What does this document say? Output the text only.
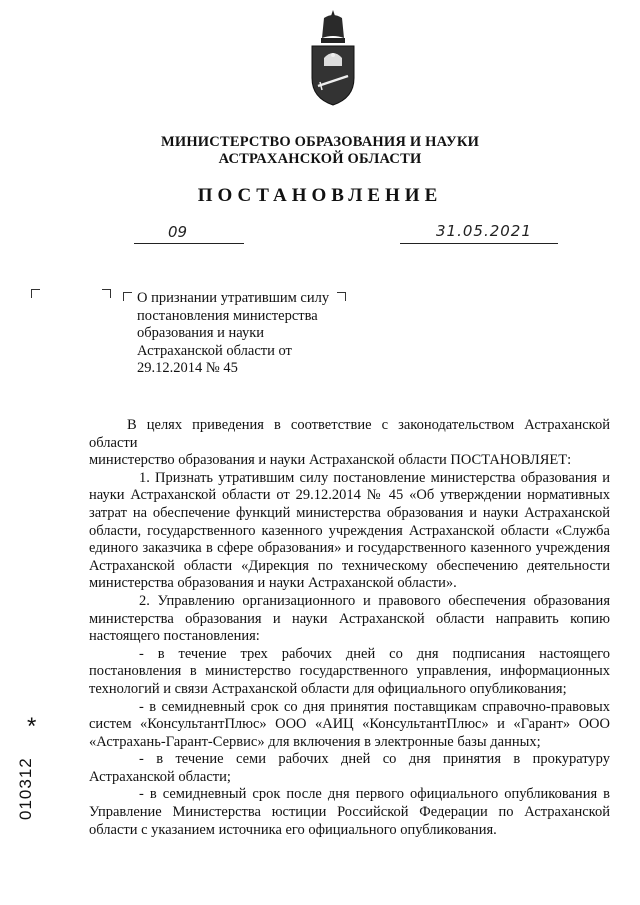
МИНИСТЕРСТВО ОБРАЗОВАНИЯ И НАУКИ
АСТРАХАНСКОЙ ОБЛАСТИ
ПОСТАНОВЛЕНИЕ
09	31.05.2021
О признании утратившим силу
постановления министерства
образования и науки
Астраханской области от
29.12.2014 № 45

В целях приведения в соответствие с законодательством Астраханской области

министерство образования и науки Астраханской области ПОСТАНОВЛЯЕТ:

1. Признать утратившим силу постановление министерства образования и науки Астраханской области от 29.12.2014 № 45 «Об утверждении нормативных затрат на обеспечение функций министерства образования и науки Астраханской области, государственного казенного учреждения Астраханской области «Служба единого заказчика в сфере образования» и государственного казенного учреждения Астраханской области «Дирекция по техническому обеспечению деятельности министерства образования и науки Астраханской области».

2. Управлению организационного и правового обеспечения образования министерства образования и науки Астраханской области направить копию настоящего постановления:

- в течение трех рабочих дней со дня подписания настоящего постановления в министерство государственного управления, информационных технологий и связи Астраханской области для официального опубликования;

- в семидневный срок со дня принятия поставщикам справочно-правовых систем «КонсультантПлюс» ООО «АИЦ «КонсультантПлюс» и «Гарант» ООО «Астрахань-Гарант-Сервис» для включения в электронные базы данных;

- в течение семи рабочих дней со дня принятия в прокуратуру Астраханской области;

- в семидневный срок после дня первого официального опубликования в Управление Министерства юстиции Российской Федерации по Астраханской области с указанием источника его официального опубликования.

010312
*
